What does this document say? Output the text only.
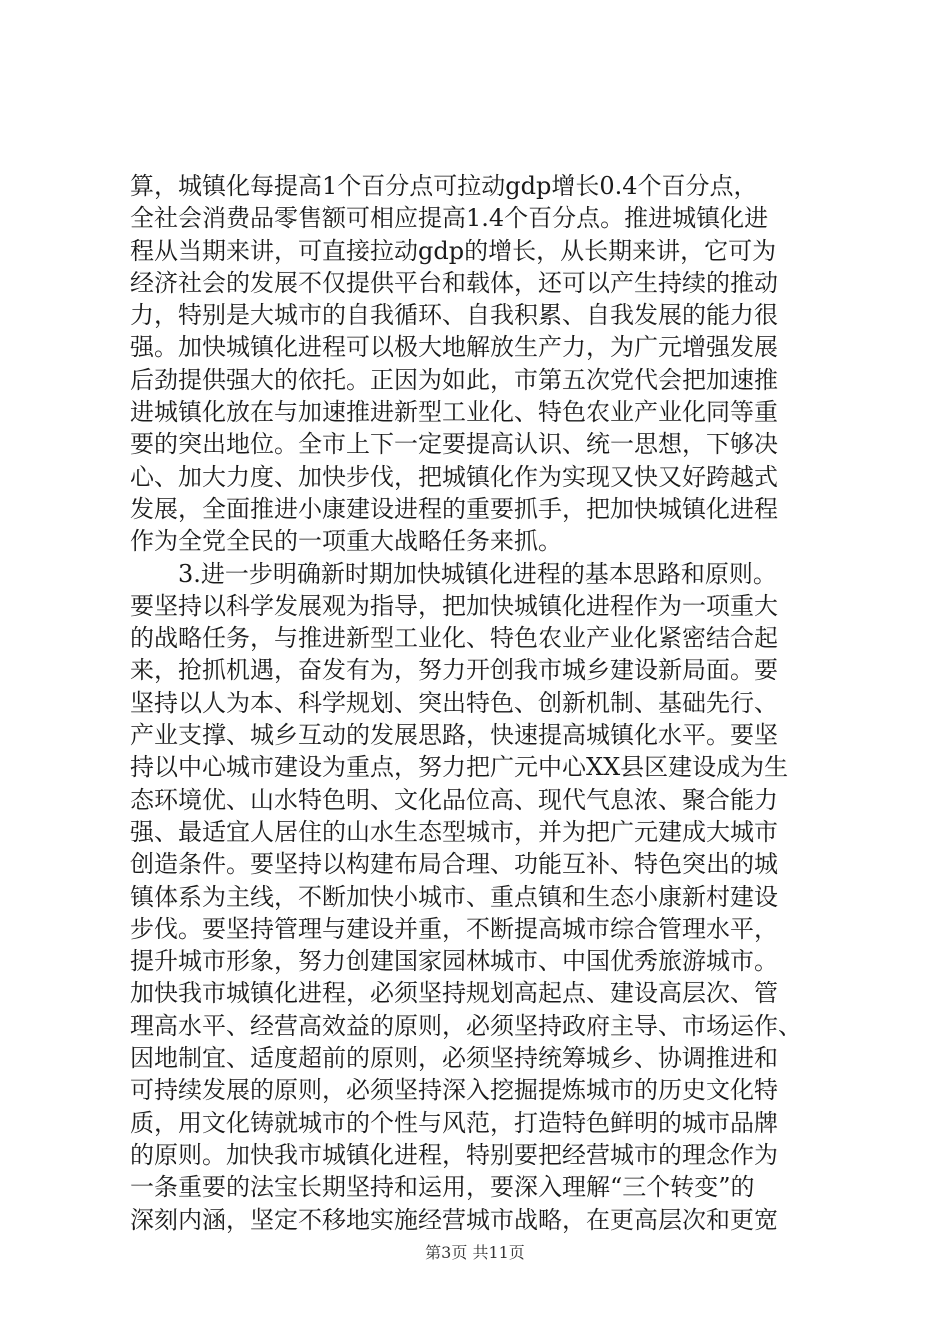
算，城镇化每提高1个百分点可拉动gdp增长0.4个百分点，
全社会消费品零售额可相应提高1.4个百分点。推进城镇化进
程从当期来讲，可直接拉动gdp的增长，从长期来讲，它可为
经济社会的发展不仅提供平台和载体，还可以产生持续的推动
力，特别是大城市的自我循环、自我积累、自我发展的能力很
强。加快城镇化进程可以极大地解放生产力，为广元增强发展
后劲提供强大的依托。正因为如此，市第五次党代会把加速推
进城镇化放在与加速推进新型工业化、特色农业产业化同等重
要的突出地位。全市上下一定要提高认识、统一思想，下够决
心、加大力度、加快步伐，把城镇化作为实现又快又好跨越式
发展，全面推进小康建设进程的重要抓手，把加快城镇化进程
作为全党全民的一项重大战略任务来抓。
　　3.进一步明确新时期加快城镇化进程的基本思路和原则。
要坚持以科学发展观为指导，把加快城镇化进程作为一项重大
的战略任务，与推进新型工业化、特色农业产业化紧密结合起
来，抢抓机遇，奋发有为，努力开创我市城乡建设新局面。要
坚持以人为本、科学规划、突出特色、创新机制、基础先行、
产业支撑、城乡互动的发展思路，快速提高城镇化水平。要坚
持以中心城市建设为重点，努力把广元中心XX县区建设成为生
态环境优、山水特色明、文化品位高、现代气息浓、聚合能力
强、最适宜人居住的山水生态型城市，并为把广元建成大城市
创造条件。要坚持以构建布局合理、功能互补、特色突出的城
镇体系为主线，不断加快小城市、重点镇和生态小康新村建设
步伐。要坚持管理与建设并重，不断提高城市综合管理水平，
提升城市形象，努力创建国家园林城市、中国优秀旅游城市。
加快我市城镇化进程，必须坚持规划高起点、建设高层次、管
理高水平、经营高效益的原则，必须坚持政府主导、市场运作、
因地制宜、适度超前的原则，必须坚持统筹城乡、协调推进和
可持续发展的原则，必须坚持深入挖掘提炼城市的历史文化特
质，用文化铸就城市的个性与风范，打造特色鲜明的城市品牌
的原则。加快我市城镇化进程，特别要把经营城市的理念作为
一条重要的法宝长期坚持和运用，要深入理解“三个转变”的
深刻内涵，坚定不移地实施经营城市战略，在更高层次和更宽
第3页 共11页
